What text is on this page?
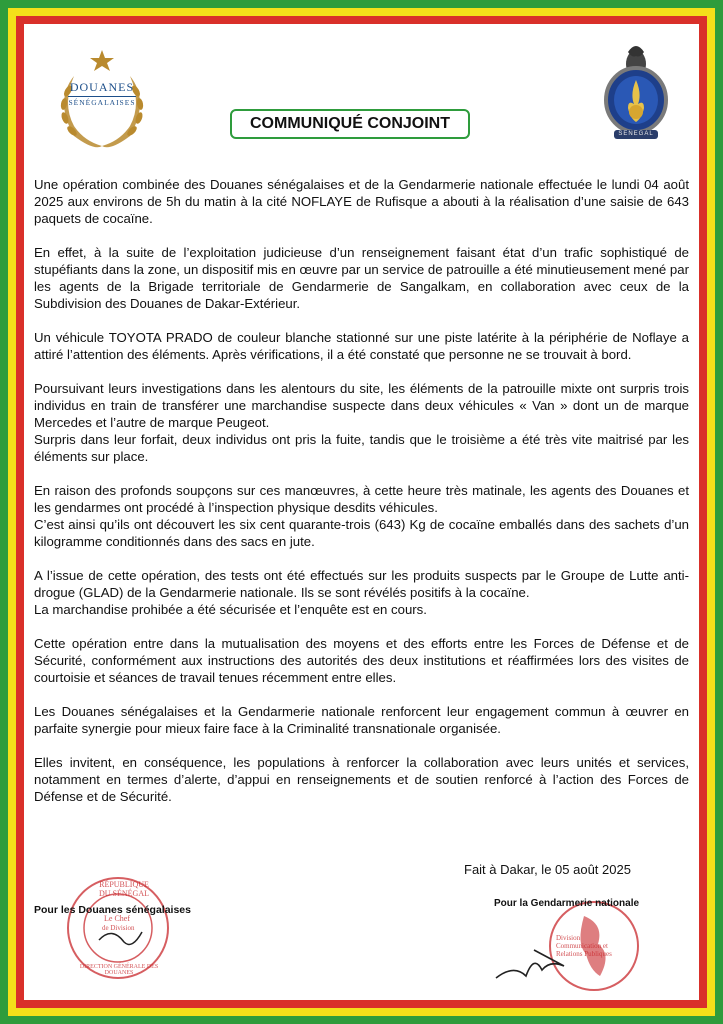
DOUANES
SÉNÉGALAISES
SENEGAL
COMMUNIQUÉ CONJOINT

Une opération combinée des Douanes sénégalaises et de la Gendarmerie nationale effectuée le lundi 04 août 2025 aux environs de 5h du matin à la cité NOFLAYE de Rufisque a abouti à la réalisation d’une saisie de 643 paquets de cocaïne.

En effet, à la suite de l’exploitation judicieuse d’un renseignement faisant état d’un trafic sophistiqué de stupéfiants dans la zone, un dispositif mis en œuvre par un service de patrouille a été minutieusement mené par les agents de la Brigade territoriale de Gendarmerie de Sangalkam, en collaboration avec ceux de la Subdivision des Douanes de Dakar-Extérieur.

Un véhicule TOYOTA PRADO de couleur blanche stationné sur une piste latérite à la périphérie de Noflaye a attiré l’attention des éléments. Après vérifications, il a été constaté que personne ne se trouvait à bord.

Poursuivant leurs investigations dans les alentours du site, les éléments de la patrouille mixte ont surpris trois individus en train de transférer une marchandise suspecte dans deux véhicules « Van » dont un de marque Mercedes et l’autre de marque Peugeot.

Surpris dans leur forfait, deux individus ont pris la fuite, tandis que le troisième a été très vite maitrisé par les éléments sur place.

En raison des profonds soupçons sur ces manœuvres, à cette heure très matinale, les agents des Douanes et les gendarmes ont procédé à l’inspection physique desdits véhicules.

C’est ainsi qu’ils ont découvert les six cent quarante-trois (643) Kg de cocaïne emballés dans des sachets d’un kilogramme conditionnés dans des sacs en jute.

A l’issue de cette opération, des tests ont été effectués sur les produits suspects par le Groupe de Lutte anti-drogue (GLAD) de la Gendarmerie nationale. Ils se sont révélés positifs à la cocaïne.

La marchandise prohibée a été sécurisée et l’enquête est en cours.

Cette opération entre dans la mutualisation des moyens et des efforts entre les Forces de Défense et de Sécurité, conformément aux instructions des autorités des deux institutions et réaffirmées lors des visites de courtoisie et séances de travail tenues récemment entre elles.

Les Douanes sénégalaises et la Gendarmerie nationale renforcent leur engagement commun à œuvrer en parfaite synergie pour mieux faire face à la Criminalité transnationale organisée.

Elles invitent, en conséquence, les populations à renforcer la collaboration avec leurs unités et services, notamment en termes d’alerte, d’appui en renseignements et de soutien renforcé à l’action des Forces de Défense et de Sécurité.

Fait à Dakar, le 05 août 2025
RÉPUBLIQUE DU SÉNÉGAL
Le Chef
de Division
DIRECTION GÉNÉRALE DES DOUANES
Pour les Douanes sénégalaises
Division Communication et Relations Publiques
Pour la Gendarmerie nationale
